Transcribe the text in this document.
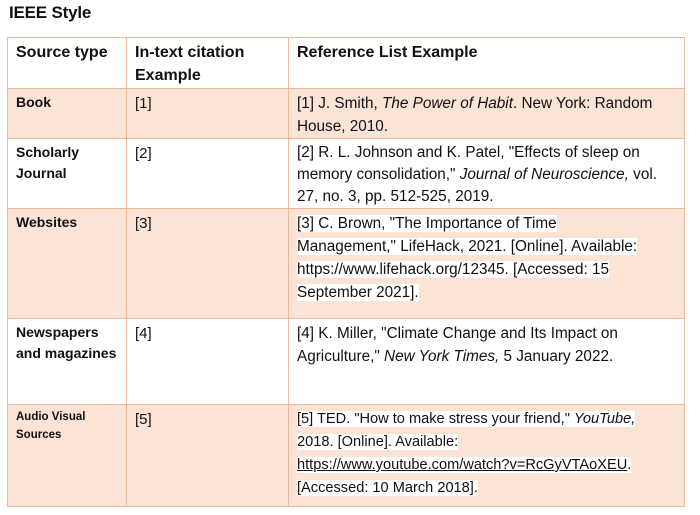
IEEE Style
Source type	In-text citation Example	Reference List Example
Book	[1]	[1] J. Smith, The Power of Habit. New York: Random House, 2010.
Scholarly Journal	[2]	[2] R. L. Johnson and K. Patel, "Effects of sleep on memory consolidation," Journal of Neuroscience, vol. 27, no. 3, pp. 512-525, 2019.
Websites	[3]	[3] C. Brown, "The Importance of Time
Management," LifeHack, 2021. [Online]. Available:
https://www.lifehack.org/12345. [Accessed: 15
September 2021].
Newspapers and magazines	[4]	[4] K. Miller, "Climate Change and Its Impact on Agriculture," New York Times, 5 January 2022.
Audio Visual Sources	[5]	[5] TED. "How to make stress your friend," YouTube,
2018. [Online]. Available:
https://www.youtube.com/watch?v=RcGyVTAoXEU.
[Accessed: 10 March 2018].
